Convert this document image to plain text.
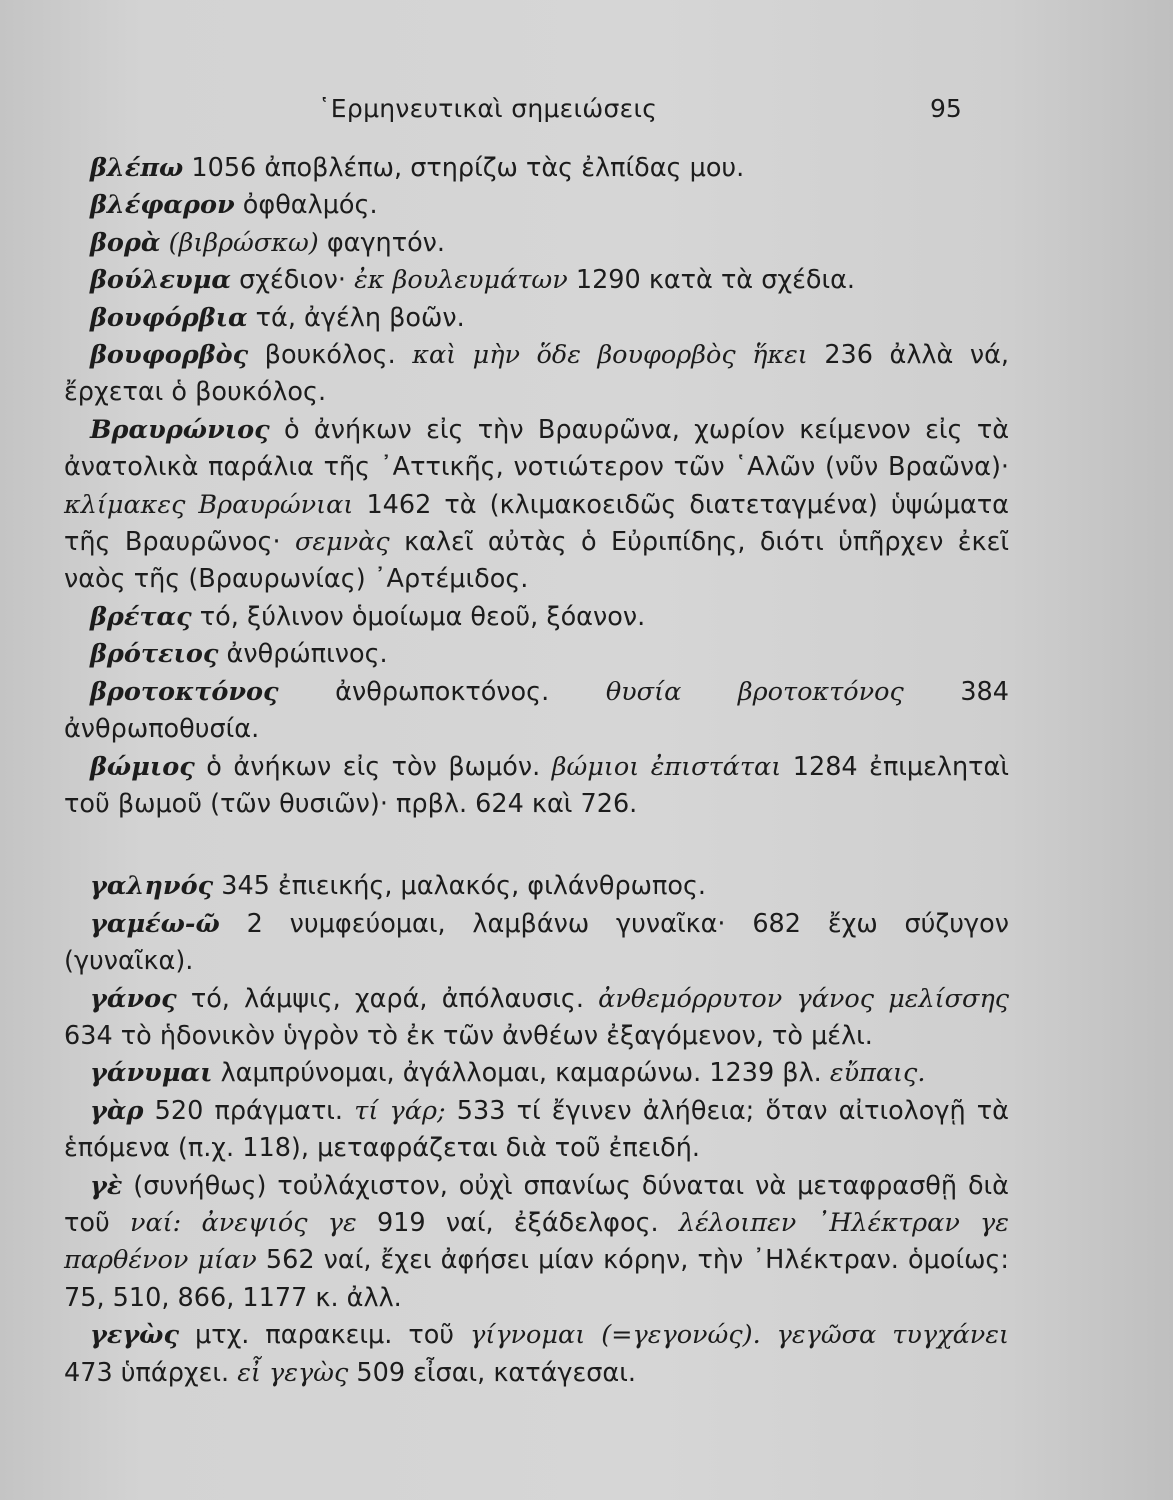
῾Ερμηνευτικαὶ σημειώσεις	95

βλέπω 1056 ἀποβλέπω, στηρίζω τὰς ἐλπίδας μου.

βλέφαρον ὀφθαλμός.

βορὰ (βιβρώσκω) φαγητόν.

βούλευμα σχέδιον· ἐκ βουλευμάτων 1290 κατὰ τὰ σχέδια.

βουφόρβια τά, ἀγέλη βοῶν.

βουφορβὸς βουκόλος. καὶ μὴν ὅδε βουφορβὸς ἥκει 236 ἀλλὰ νά, ἔρχεται ὁ βουκόλος.

Βραυρώνιος ὁ ἀνήκων εἰς τὴν Βραυρῶνα, χωρίον κείμενον εἰς τὰ ἀνατολικὰ παράλια τῆς ᾿Αττικῆς, νοτιώτερον τῶν ῾Αλῶν (νῦν Βραῶνα)· κλίμακες Βραυρώνιαι 1462 τὰ (κλιμακοειδῶς διατεταγμένα) ὑψώματα τῆς Βραυρῶνος· σεμνὰς καλεῖ αὐτὰς ὁ Εὐριπίδης, διότι ὑπῆρχεν ἐκεῖ ναὸς τῆς (Βραυρωνίας) ᾿Αρτέμιδος.

βρέτας τό, ξύλινον ὁμοίωμα θεοῦ, ξόανον.

βρότειος ἀνθρώπινος.

βροτοκτόνος ἀνθρωποκτόνος. θυσία βροτοκτόνος 384 ἀνθρωποθυσία.

βώμιος ὁ ἀνήκων εἰς τὸν βωμόν. βώμιοι ἐπιστάται 1284 ἐπιμεληταὶ τοῦ βωμοῦ (τῶν θυσιῶν)· πρβλ. 624 καὶ 726.

γαληνός 345 ἐπιεικής, μαλακός, φιλάνθρωπος.

γαμέω-ῶ 2 νυμφεύομαι, λαμβάνω γυναῖκα· 682 ἔχω σύζυγον (γυναῖκα).

γάνος τό, λάμψις, χαρά, ἀπόλαυσις. ἀνθεμόρρυτον γάνος μελίσσης 634 τὸ ἡδονικὸν ὑγρὸν τὸ ἐκ τῶν ἀνθέων ἐξαγόμενον, τὸ μέλι.

γάνυμαι λαμπρύνομαι, ἀγάλλομαι, καμαρώνω. 1239 βλ. εὔπαις.

γὰρ 520 πράγματι. τί γάρ; 533 τί ἔγινεν ἀλήθεια; ὅταν αἰτιολογῇ τὰ ἑπόμενα (π.χ. 118), μεταφράζεται διὰ τοῦ ἐπειδή.

γὲ (συνήθως) τοὐλάχιστον, οὐχὶ σπανίως δύναται νὰ μεταφρασθῇ διὰ τοῦ ναί: ἀνεψιός γε 919 ναί, ἐξάδελφος. λέλοιπεν ᾿Ηλέκτραν γε παρθένον μίαν 562 ναί, ἔχει ἀφήσει μίαν κόρην, τὴν ᾿Ηλέκτραν. ὁμοίως: 75, 510, 866, 1177 κ. ἀλλ.

γεγὼς μτχ. παρακειμ. τοῦ γίγνομαι (=γεγονώς). γεγῶσα τυγχάνει 473 ὑπάρχει. εἶ γεγὼς 509 εἶσαι, κατάγεσαι.
